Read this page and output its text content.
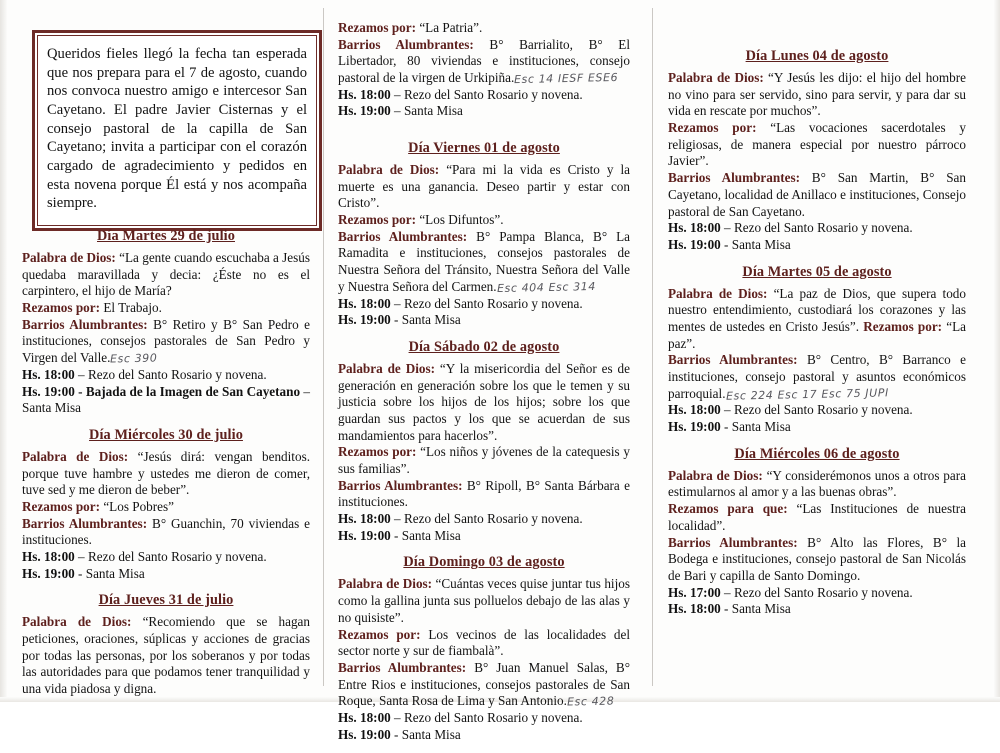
Queridos fieles llegó la fecha tan esperada que nos prepara para el 7 de agosto, cuando nos convoca nuestro amigo e intercesor San Cayetano. El padre Javier Cisternas y el consejo pastoral de la capilla de San Cayetano; invita a participar con el corazón cargado de agradecimiento y pedidos en esta novena porque Él está y nos acompaña siempre.

Día Martes 29 de julio

Palabra de Dios: “La gente cuando escuchaba a Jesús quedaba maravillada y decia: ¿Éste no es el carpintero, el hijo de María?

Rezamos por: El Trabajo.

Barrios Alumbrantes: B° Retiro y B° San Pedro e instituciones, consejos pastorales de San Pedro y Virgen del Valle.Esc 390

Hs. 18:00 – Rezo del Santo Rosario y novena.

Hs. 19:00 - Bajada de la Imagen de San Cayetano – Santa Misa

Día Miércoles 30 de julio

Palabra de Dios: “Jesús dirá: vengan benditos. porque tuve hambre y ustedes me dieron de comer, tuve sed y me dieron de beber”.

Rezamos por: “Los Pobres”

Barrios Alumbrantes: B° Guanchin, 70 viviendas e instituciones.

Hs. 18:00 – Rezo del Santo Rosario y novena.

Hs. 19:00 - Santa Misa

Día Jueves 31 de julio

Palabra de Dios: “Recomiendo que se hagan peticiones, oraciones, súplicas y acciones de gracias por todas las personas, por los soberanos y por todas las autoridades para que podamos tener tranquilidad y una vida piadosa y digna.

Rezamos por: “La Patria”.

Barrios Alumbrantes: B° Barrialito, B° El Libertador, 80 viviendas e instituciones, consejo pastoral de la virgen de Urkipiña.Esc 14 IESF ESE6

Hs. 18:00 – Rezo del Santo Rosario y novena.

Hs. 19:00 – Santa Misa

Día Viernes 01 de agosto

Palabra de Dios: “Para mi la vida es Cristo y la muerte es una ganancia. Deseo partir y estar con Cristo”.

Rezamos por: “Los Difuntos”.

Barrios Alumbrantes: B° Pampa Blanca, B° La Ramadita e instituciones, consejos pastorales de Nuestra Señora del Tránsito, Nuestra Señora del Valle y Nuestra Señora del Carmen.Esc 404 Esc 314

Hs. 18:00 – Rezo del Santo Rosario y novena.

Hs. 19:00 - Santa Misa

Día Sábado 02 de agosto

Palabra de Dios: “Y la misericordia del Señor es de generación en generación sobre los que le temen y su justicia sobre los hijos de los hijos; sobre los que guardan sus pactos y los que se acuerdan de sus mandamientos para hacerlos”.

Rezamos por: “Los niños y jóvenes de la catequesis y sus familias”.

Barrios Alumbrantes: B° Ripoll, B° Santa Bárbara e instituciones.

Hs. 18:00 – Rezo del Santo Rosario y novena.

Hs. 19:00 - Santa Misa

Día Domingo 03 de agosto

Palabra de Dios: “Cuántas veces quise juntar tus hijos como la gallina junta sus polluelos debajo de las alas y no quisiste”.

Rezamos por: Los vecinos de las localidades del sector norte y sur de fiambalà”.

Barrios Alumbrantes: B° Juan Manuel Salas, B° Entre Rios e instituciones, consejos pastorales de San Roque, Santa Rosa de Lima y San Antonio.Esc 428

Hs. 18:00 – Rezo del Santo Rosario y novena.

Hs. 19:00 - Santa Misa

Día Lunes 04 de agosto

Palabra de Dios: “Y Jesús les dijo: el hijo del hombre no vino para ser servido, sino para servir, y para dar su vida en rescate por muchos”.

Rezamos por: “Las vocaciones sacerdotales y religiosas, de manera especial por nuestro párroco Javier”.

Barrios Alumbrantes: B° San Martin, B° San Cayetano, localidad de Anillaco e instituciones, Consejo pastoral de San Cayetano.

Hs. 18:00 – Rezo del Santo Rosario y novena.

Hs. 19:00 - Santa Misa

Día Martes 05 de agosto

Palabra de Dios: “La paz de Dios, que supera todo nuestro entendimiento, custodiará los corazones y las mentes de ustedes en Cristo Jesús”. Rezamos por: “La paz”.

Barrios Alumbrantes: B° Centro, B° Barranco e instituciones, consejo pastoral y asuntos económicos parroquial.Esc 224 Esc 17 Esc 75 JUPI

Hs. 18:00 – Rezo del Santo Rosario y novena.

Hs. 19:00 - Santa Misa

Día Miércoles 06 de agosto

Palabra de Dios: “Y considerémonos unos a otros para estimularnos al amor y a las buenas obras”.

Rezamos para que: “Las Instituciones de nuestra localidad”.

Barrios Alumbrantes: B° Alto las Flores, B° la Bodega e instituciones, consejo pastoral de San Nicolás de Bari y capilla de Santo Domingo.

Hs. 17:00 – Rezo del Santo Rosario y novena.

Hs. 18:00 - Santa Misa
